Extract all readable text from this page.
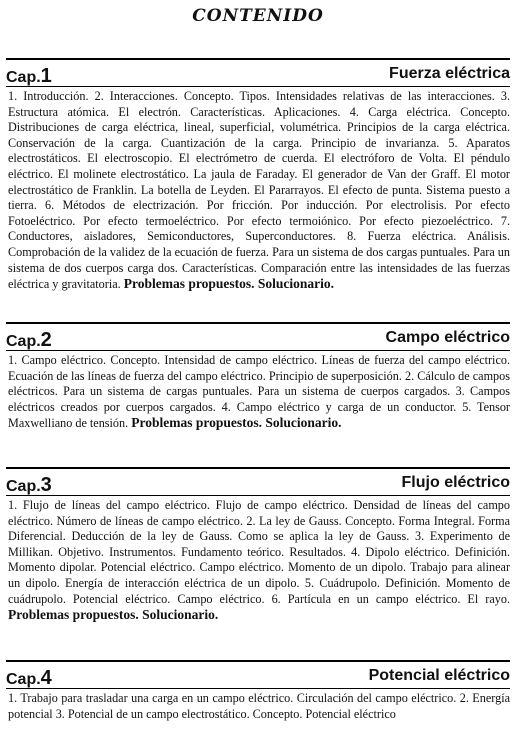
CONTENIDO
Cap.1	Fuerza eléctrica
1. Introducción. 2. Interacciones. Concepto. Tipos. Intensidades relativas de las interacciones. 3. Estructura atómica. El electrón. Características. Aplicaciones. 4. Carga eléctrica. Concepto. Distribuciones de carga eléctrica, lineal, superficial, volumétrica. Principios de la carga eléctrica. Conservación de la carga. Cuantización de la carga. Principio de invarianza. 5. Aparatos electrostáticos. El electroscopio. El electrómetro de cuerda. El electróforo de Volta. El péndulo eléctrico. El molinete electrostático. La jaula de Faraday. El generador de Van der Graff. El motor electrostático de Franklin. La botella de Leyden. El Pararrayos. El efecto de punta. Sistema puesto a tierra. 6. Métodos de electrización. Por fricción. Por inducción. Por electrolisis. Por efecto Fotoeléctrico. Por efecto termoeléctrico. Por efecto termoiónico. Por efecto piezoeléctrico. 7. Conductores, aisladores, Semiconductores, Superconductores. 8. Fuerza eléctrica. Análisis. Comprobación de la validez de la ecuación de fuerza. Para un sistema de dos cargas puntuales. Para un sistema de dos cuerpos carga dos. Características. Comparación entre las intensidades de las fuerzas eléctrica y gravitatoria. Problemas propuestos. Solucionario.
Cap.2	Campo eléctrico
1. Campo eléctrico. Concepto. Intensidad de campo eléctrico. Líneas de fuerza del campo eléctrico. Ecuación de las líneas de fuerza del campo eléctrico. Principio de superposición. 2. Cálculo de campos eléctricos. Para un sistema de cargas puntuales. Para un sistema de cuerpos cargados. 3. Campos eléctricos creados por cuerpos cargados. 4. Campo eléctrico y carga de un conductor. 5. Tensor Maxwelliano de tensión. Problemas propuestos. Solucionario.
Cap.3	Flujo eléctrico
1. Flujo de líneas del campo eléctrico. Flujo de campo eléctrico. Densidad de líneas del campo eléctrico. Número de líneas de campo eléctrico. 2. La ley de Gauss. Concepto. Forma Integral. Forma Diferencial. Deducción de la ley de Gauss. Como se aplica la ley de Gauss. 3. Experimento de Millikan. Objetivo. Instrumentos. Fundamento teórico. Resultados. 4. Dipolo eléctrico. Definición. Momento dipolar. Potencial eléctrico. Campo eléctrico. Momento de un dipolo. Trabajo para alinear un dipolo. Energía de interacción eléctrica de un dipolo. 5. Cuádrupolo. Definición. Momento de cuádrupolo. Potencial eléctrico. Campo eléctrico. 6. Partícula en un campo eléctrico. El rayo. Problemas propuestos. Solucionario.
Cap.4	Potencial eléctrico
1. Trabajo para trasladar una carga en un campo eléctrico. Circulación del campo eléctrico. 2. Energía potencial 3. Potencial de un campo electrostático. Concepto. Potencial eléctrico
